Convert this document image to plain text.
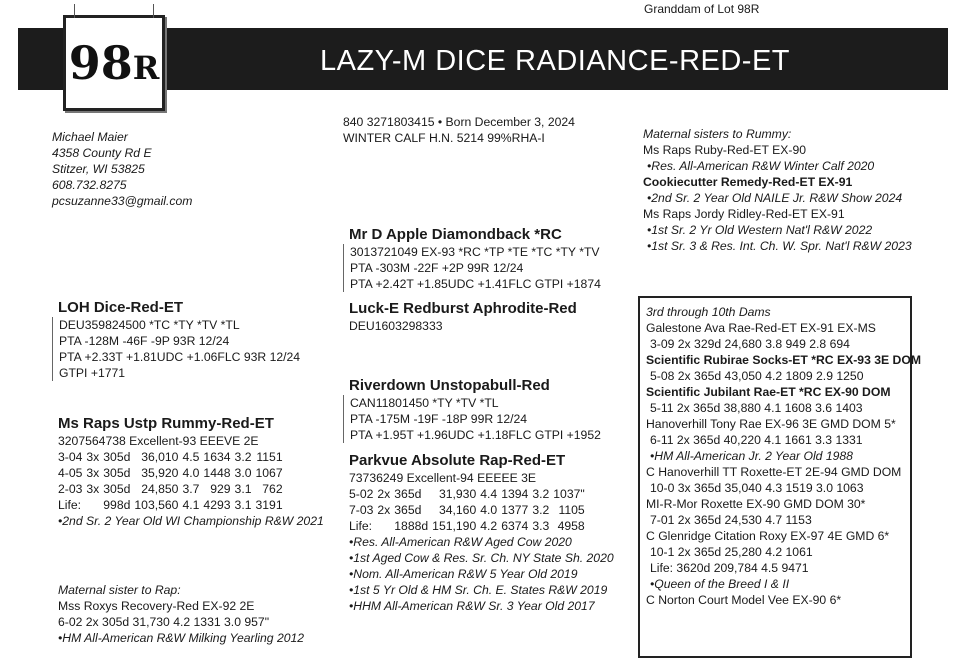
Granddam of Lot 98R
LAZY-M DICE RADIANCE-RED-ET
98R
Michael Maier
4358 County Rd E
Stitzer, WI 53825
608.732.8275
pcsuzanne33@gmail.com
840 3271803415 • Born December 3, 2024
WINTER CALF H.N. 5214 99%RHA-I
LOH Dice-Red-ET
DEU359824500 *TC *TY *TV *TL
PTA -128M -46F -9P 93R 12/24
PTA +2.33T +1.81UDC +1.06FLC 93R 12/24
GTPI +1771
Ms Raps Ustp Rummy-Red-ET
3207564738 Excellent-93 EEEVE 2E
3-04	3x	305d	36,010	4.5	1634	3.2	1151
4-05	3x	305d	35,920	4.0	1448	3.0	1067
2-03	3x	305d	24,850	3.7	929	3.1	762
Life:		998d	103,560	4.1	4293	3.1	3191
•2nd Sr. 2 Year Old WI Championship R&W 2021
Maternal sister to Rap:
Mss Roxys Recovery-Red EX-92 2E
6-02 2x 305d 31,730 4.2 1331 3.0 957"
•HM All-American R&W Milking Yearling 2012
Mr D Apple Diamondback *RC
3013721049 EX-93 *RC *TP *TE *TC *TY *TV
PTA -303M -22F +2P 99R 12/24
PTA +2.42T +1.85UDC +1.41FLC GTPI +1874
Luck-E Redburst Aphrodite-Red
DEU1603298333
Riverdown Unstopabull-Red
CAN11801450 *TY *TV *TL
PTA -175M -19F -18P 99R 12/24
PTA +1.95T +1.96UDC +1.18FLC GTPI +1952
Parkvue Absolute Rap-Red-ET
73736249 Excellent-94 EEEEE 3E
5-02	2x	365d	31,930	4.4	1394	3.2	1037"
7-03	2x	365d	34,160	4.0	1377	3.2	1105
Life:		1888d	151,190	4.2	6374	3.3	4958
•Res. All-American R&W Aged Cow 2020
•1st Aged Cow & Res. Sr. Ch. NY State Sh. 2020
•Nom. All-American R&W 5 Year Old 2019
•1st 5 Yr Old & HM Sr. Ch. E. States R&W 2019
•HHM All-American R&W Sr. 3 Year Old 2017
Maternal sisters to Rummy:
Ms Raps Ruby-Red-ET EX-90
•Res. All-American R&W Winter Calf 2020
Cookiecutter Remedy-Red-ET EX-91
•2nd Sr. 2 Year Old NAILE Jr. R&W Show 2024
Ms Raps Jordy Ridley-Red-ET EX-91
•1st Sr. 2 Yr Old Western Nat'l R&W 2022
•1st Sr. 3 & Res. Int. Ch. W. Spr. Nat'l R&W 2023
3rd through 10th Dams
Galestone Ava Rae-Red-ET EX-91 EX-MS
3-09 2x 329d 24,680 3.8 949 2.8 694
Scientific Rubirae Socks-ET *RC EX-93 3E DOM
5-08 2x 365d 43,050 4.2 1809 2.9 1250
Scientific Jubilant Rae-ET *RC EX-90 DOM
5-11 2x 365d 38,880 4.1 1608 3.6 1403
Hanoverhill Tony Rae EX-96 3E GMD DOM 5*
6-11 2x 365d 40,220 4.1 1661 3.3 1331
•HM All-American Jr. 2 Year Old 1988
C Hanoverhill TT Roxette-ET 2E-94 GMD DOM
10-0 3x 365d 35,040 4.3 1519 3.0 1063
MI-R-Mor Roxette EX-90 GMD DOM 30*
7-01 2x 365d 24,530 4.7 1153
C Glenridge Citation Roxy EX-97 4E GMD 6*
10-1 2x 365d 25,280 4.2 1061
Life: 3620d 209,784 4.5 9471
•Queen of the Breed I & II
C Norton Court Model Vee EX-90 6*
